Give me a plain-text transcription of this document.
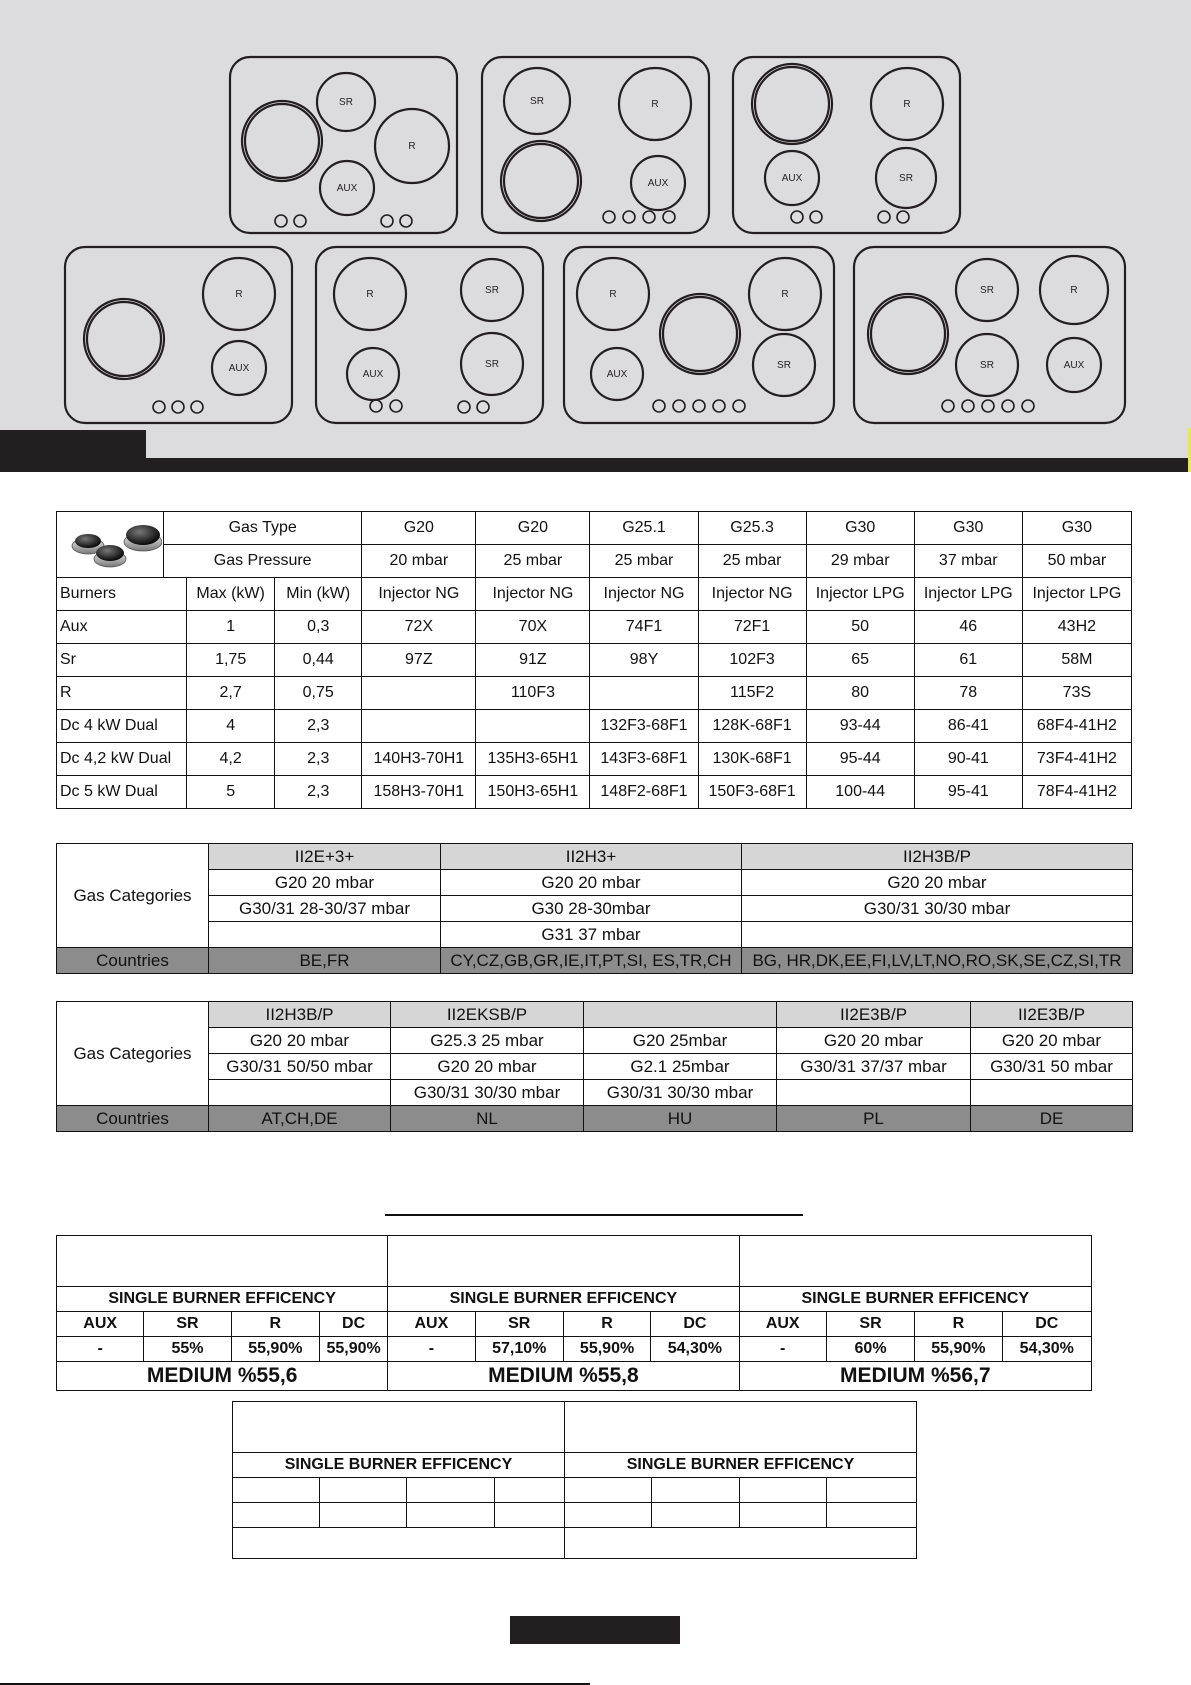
SR
R
AUX
SR	R
AUX
R
AUX	SR
R
AUX
R	SR
AUX
SR
R	R
AUX
SR
SR	R
SR	AUX
	Gas Type			G20	G20	G25.1	G25.3	G30	G30	G30
	Gas Pressure			20 mbar	25 mbar	25 mbar	25 mbar	29 mbar	37 mbar	50 mbar
Burners		Max (kW)	Min (kW)	Injector NG	Injector NG	Injector NG	Injector NG	Injector LPG	Injector LPG	Injector LPG
Aux		1	0,3	72X	70X	74F1	72F1	50	46	43H2
Sr		1,75	0,44	97Z	91Z	98Y	102F3	65	61	58M
R		2,7	0,75		110F3		115F2	80	78	73S
Dc 4 kW Dual		4	2,3			132F3-68F1	128K-68F1	93-44	86-41	68F4-41H2
Dc 4,2 kW Dual		4,2	2,3	140H3-70H1	135H3-65H1	143F3-68F1	130K-68F1	95-44	90-41	73F4-41H2
Dc 5 kW Dual		5	2,3	158H3-70H1	150H3-65H1	148F2-68F1	150F3-68F1	100-44	95-41	78F4-41H2
Gas Categories	II2E+3+	II2H3+	II2H3B/P
	G20 20 mbar	G20 20 mbar	G20 20 mbar
	G30/31 28-30/37 mbar	G30 28-30mbar	G30/31 30/30 mbar
		G31 37 mbar	
Countries	BE,FR	CY,CZ,GB,GR,IE,IT,PT,SI, ES,TR,CH	BG, HR,DK,EE,FI,LV,LT,NO,RO,SK,SE,CZ,SI,TR
Gas Categories	II2H3B/P	II2EKSB/P		II2E3B/P	II2E3B/P
	G20 20 mbar	G25.3 25 mbar	G20 25mbar	G20 20 mbar	G20 20 mbar
	G30/31 50/50 mbar	G20 20 mbar	G2.1 25mbar	G30/31 37/37 mbar	G30/31 50 mbar
		G30/31 30/30 mbar	G30/31 30/30 mbar		
Countries	AT,CH,DE	NL	HU	PL	DE

SINGLE BURNER EFFICENCY				SINGLE BURNER EFFICENCY				SINGLE BURNER EFFICENCY			
AUX	SR	R	DC	AUX	SR	R	DC	AUX	SR	R	DC
-	55%	55,90%	55,90%	-	57,10%	55,90%	54,30%	-	60%	55,90%	54,30%
MEDIUM %55,6				MEDIUM %55,8				MEDIUM %56,7			

SINGLE BURNER EFFICENCY				SINGLE BURNER EFFICENCY			
